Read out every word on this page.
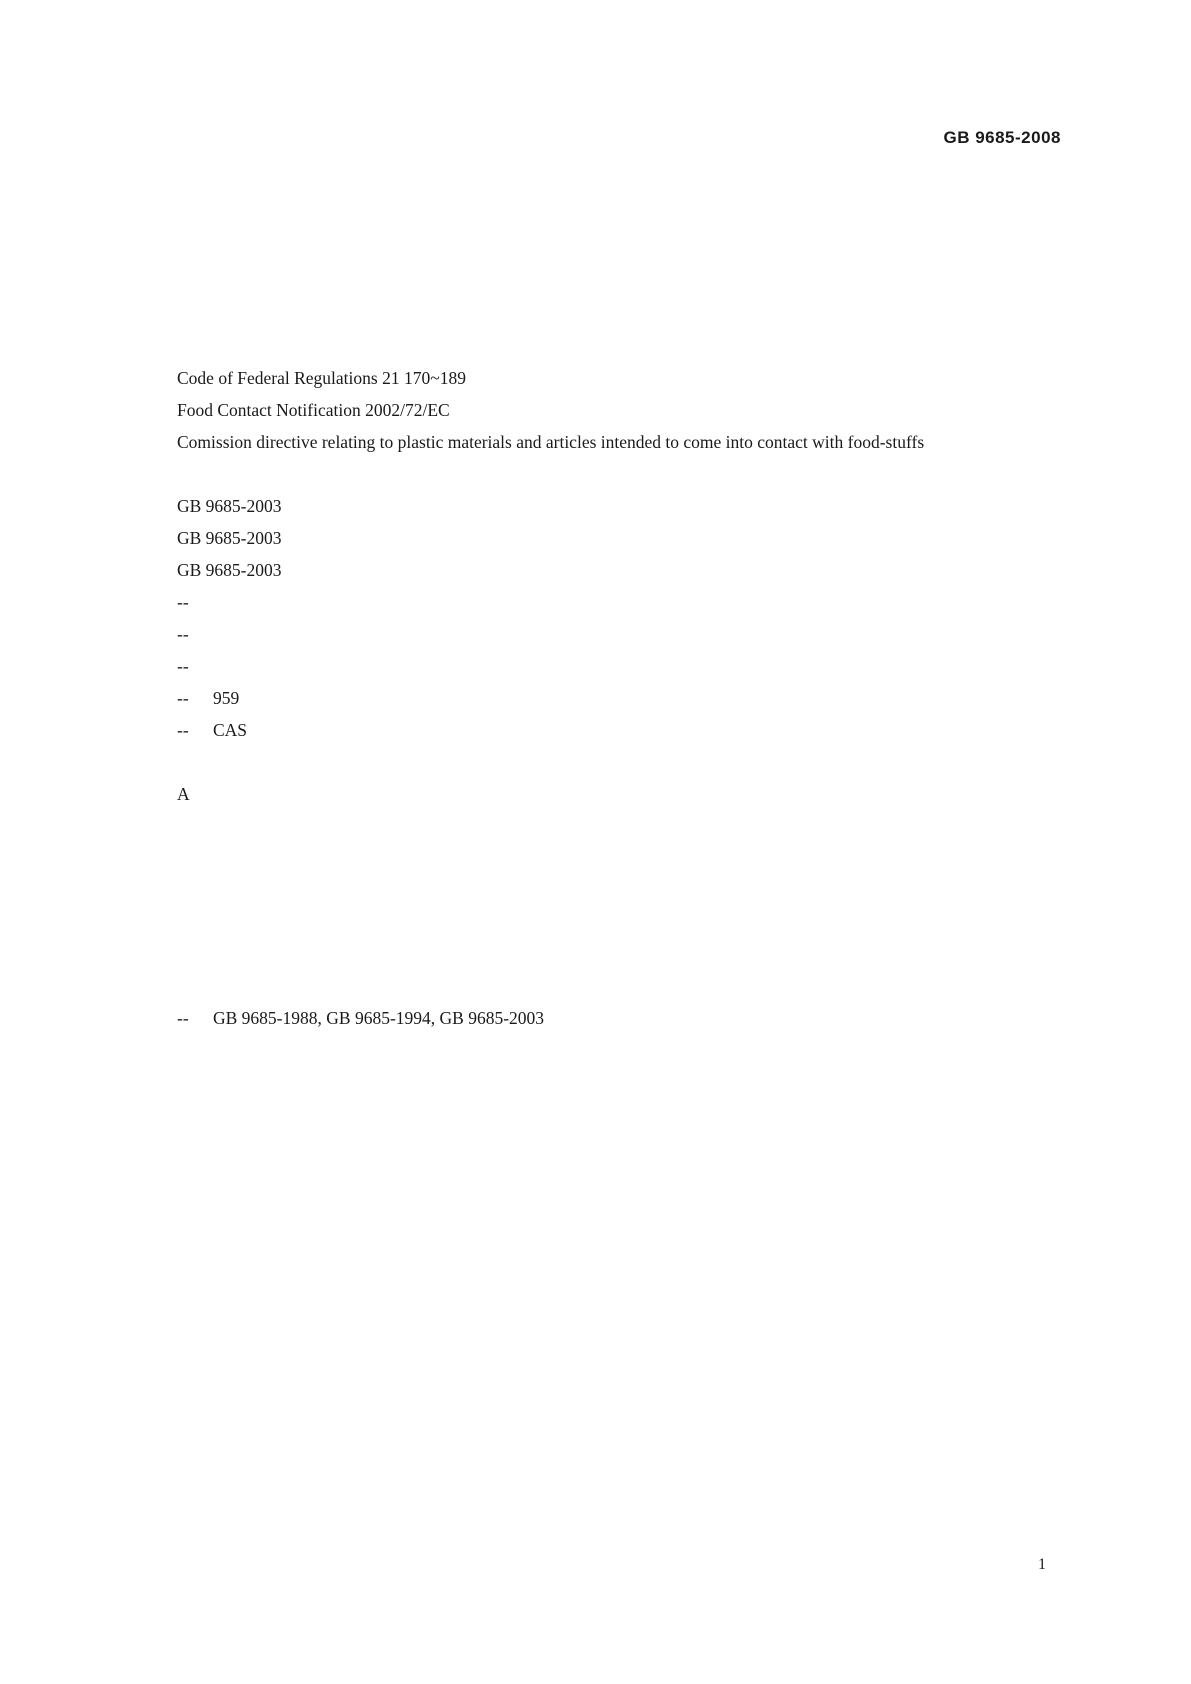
GB 9685-2008

Code of Federal Regulations 21 170~189
Food Contact Notification 2002/72/EC
Comission directive relating to plastic materials and articles intended to come into contact with food-stuffs

GB 9685-2003
GB 9685-2003

GB 9685-2003

--

--

--

-- 959

-- CAS

A

-- GB 9685-1988, GB 9685-1994, GB 9685-2003

1
